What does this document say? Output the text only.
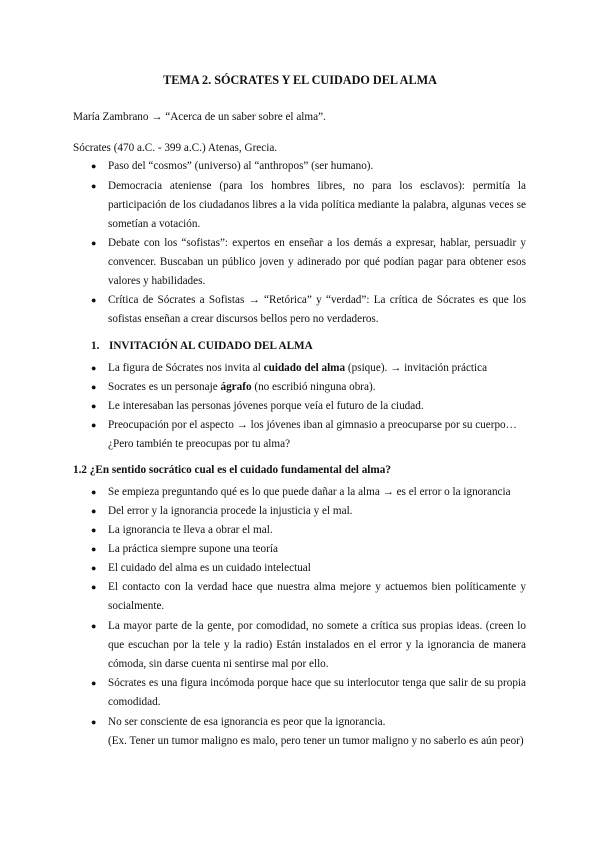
TEMA 2. SÓCRATES Y EL CUIDADO DEL ALMA
María Zambrano → “Acerca de un saber sobre el alma”.
Sócrates (470 a.C. - 399 a.C.) Atenas, Grecia.
● Paso del “cosmos” (universo) al “anthropos” (ser humano).
● Democracia ateniense (para los hombres libres, no para los esclavos): permitía la participación de los ciudadanos libres a la vida política mediante la palabra, algunas veces se sometían a votación.
● Debate con los “sofistas”: expertos en enseñar a los demás a expresar, hablar, persuadir y convencer. Buscaban un público joven y adinerado por qué podían pagar para obtener esos valores y habilidades.
● Crítica de Sócrates a Sofistas → “Retórica” y “verdad”: La crítica de Sócrates es que los sofistas enseñan a crear discursos bellos pero no verdaderos.
1. INVITACIÓN AL CUIDADO DEL ALMA
● La figura de Sócrates nos invita al cuidado del alma (psique). → invitación práctica
● Socrates es un personaje ágrafo (no escribió ninguna obra).
● Le interesaban las personas jóvenes porque veía el futuro de la ciudad.
● Preocupación por el aspecto → los jóvenes iban al gimnasio a preocuparse por su cuerpo…
¿Pero también te preocupas por tu alma?
1.2 ¿En sentido socrático cual es el cuidado fundamental del alma?
● Se empieza preguntando qué es lo que puede dañar a la alma → es el error o la ignorancia
● Del error y la ignorancia procede la injusticia y el mal.
● La ignorancia te lleva a obrar el mal.
● La práctica siempre supone una teoría
● El cuidado del alma es un cuidado intelectual
● El contacto con la verdad hace que nuestra alma mejore y actuemos bien políticamente y socialmente.
● La mayor parte de la gente, por comodidad, no somete a crítica sus propias ideas. (creen lo que escuchan por la tele y la radio) Están instalados en el error y la ignorancia de manera cómoda, sin darse cuenta ni sentirse mal por ello.
● Sócrates es una figura incómoda porque hace que su interlocutor tenga que salir de su propia comodidad.
● No ser consciente de esa ignorancia es peor que la ignorancia.
(Ex. Tener un tumor maligno es malo, pero tener un tumor maligno y no saberlo es aún peor)
